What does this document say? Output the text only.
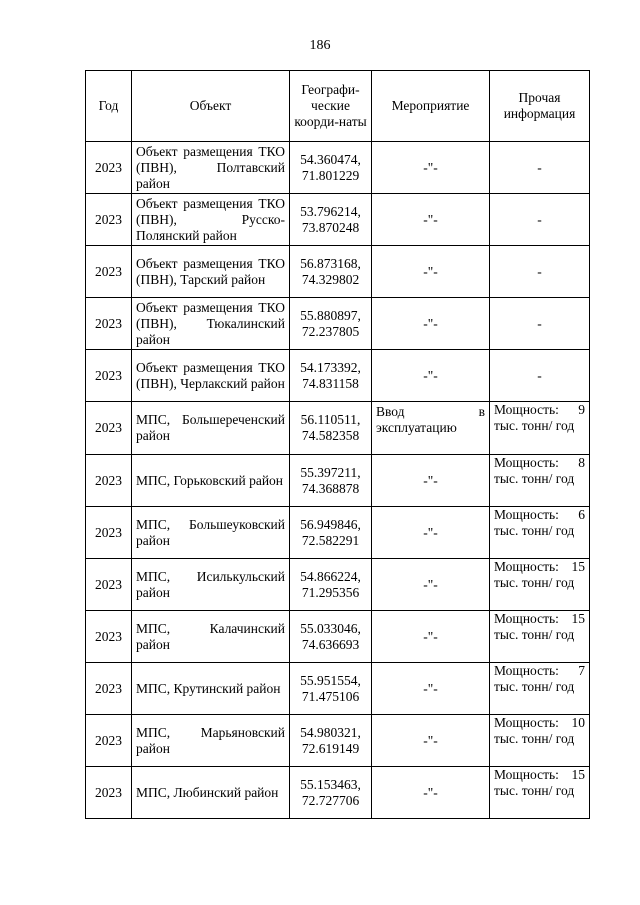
186
Год	Объект	Географи-ческие коорди-наты	Мероприятие	Прочая информация
2023	Объект размещения ТКО (ПВН), Полтавский район	54.360474, 71.801229	-"-	-
2023	Объект размещения ТКО (ПВН), Русско-Полянский район	53.796214, 73.870248	-"-	-
2023	Объект размещения ТКО (ПВН), Тарский район	56.873168, 74.329802	-"-	-
2023	Объект размещения ТКО (ПВН), Тюкалинский район	55.880897, 72.237805	-"-	-
2023	Объект размещения ТКО (ПВН), Черлакский район	54.173392, 74.831158	-"-	-
2023	МПС, Большереченский район	56.110511, 74.582358	Ввод в эксплуатацию	Мощность: 9 тыс. тонн/ год
2023	МПС, Горьковский район	55.397211, 74.368878	-"-	Мощность: 8 тыс. тонн/ год
2023	МПС, Большеуковский район	56.949846, 72.582291	-"-	Мощность: 6 тыс. тонн/ год
2023	МПС, Исилькульский район	54.866224, 71.295356	-"-	Мощность: 15 тыс. тонн/ год
2023	МПС, Калачинский район	55.033046, 74.636693	-"-	Мощность: 15 тыс. тонн/ год
2023	МПС, Крутинский район	55.951554, 71.475106	-"-	Мощность: 7 тыс. тонн/ год
2023	МПС, Марьяновский район	54.980321, 72.619149	-"-	Мощность: 10 тыс. тонн/ год
2023	МПС, Любинский район	55.153463, 72.727706	-"-	Мощность: 15 тыс. тонн/ год
